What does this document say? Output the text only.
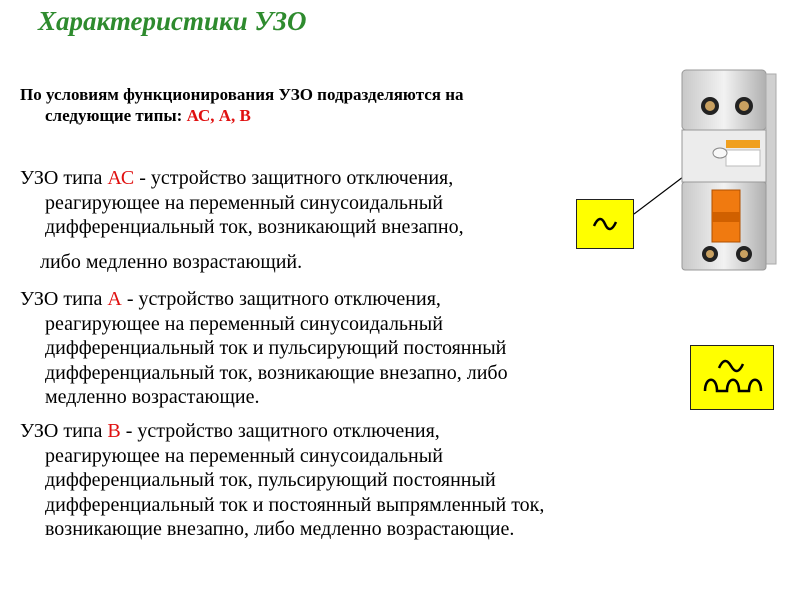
Характеристики УЗО
По условиям функционирования УЗО подразделяются на
следующие типы: АС, А, В
УЗО типа АС - устройство защитного отключения,
реагирующее на переменный синусоидальный
дифференциальный ток, возникающий внезапно,
либо медленно возрастающий.
УЗО типа А - устройство защитного отключения,
реагирующее на переменный синусоидальный
дифференциальный ток и пульсирующий постоянный
дифференциальный ток, возникающие внезапно, либо
медленно возрастающие.
УЗО типа В - устройство защитного отключения,
реагирующее на переменный синусоидальный
дифференциальный ток, пульсирующий постоянный
дифференциальный ток и постоянный выпрямленный ток,
возникающие внезапно, либо медленно возрастающие.
